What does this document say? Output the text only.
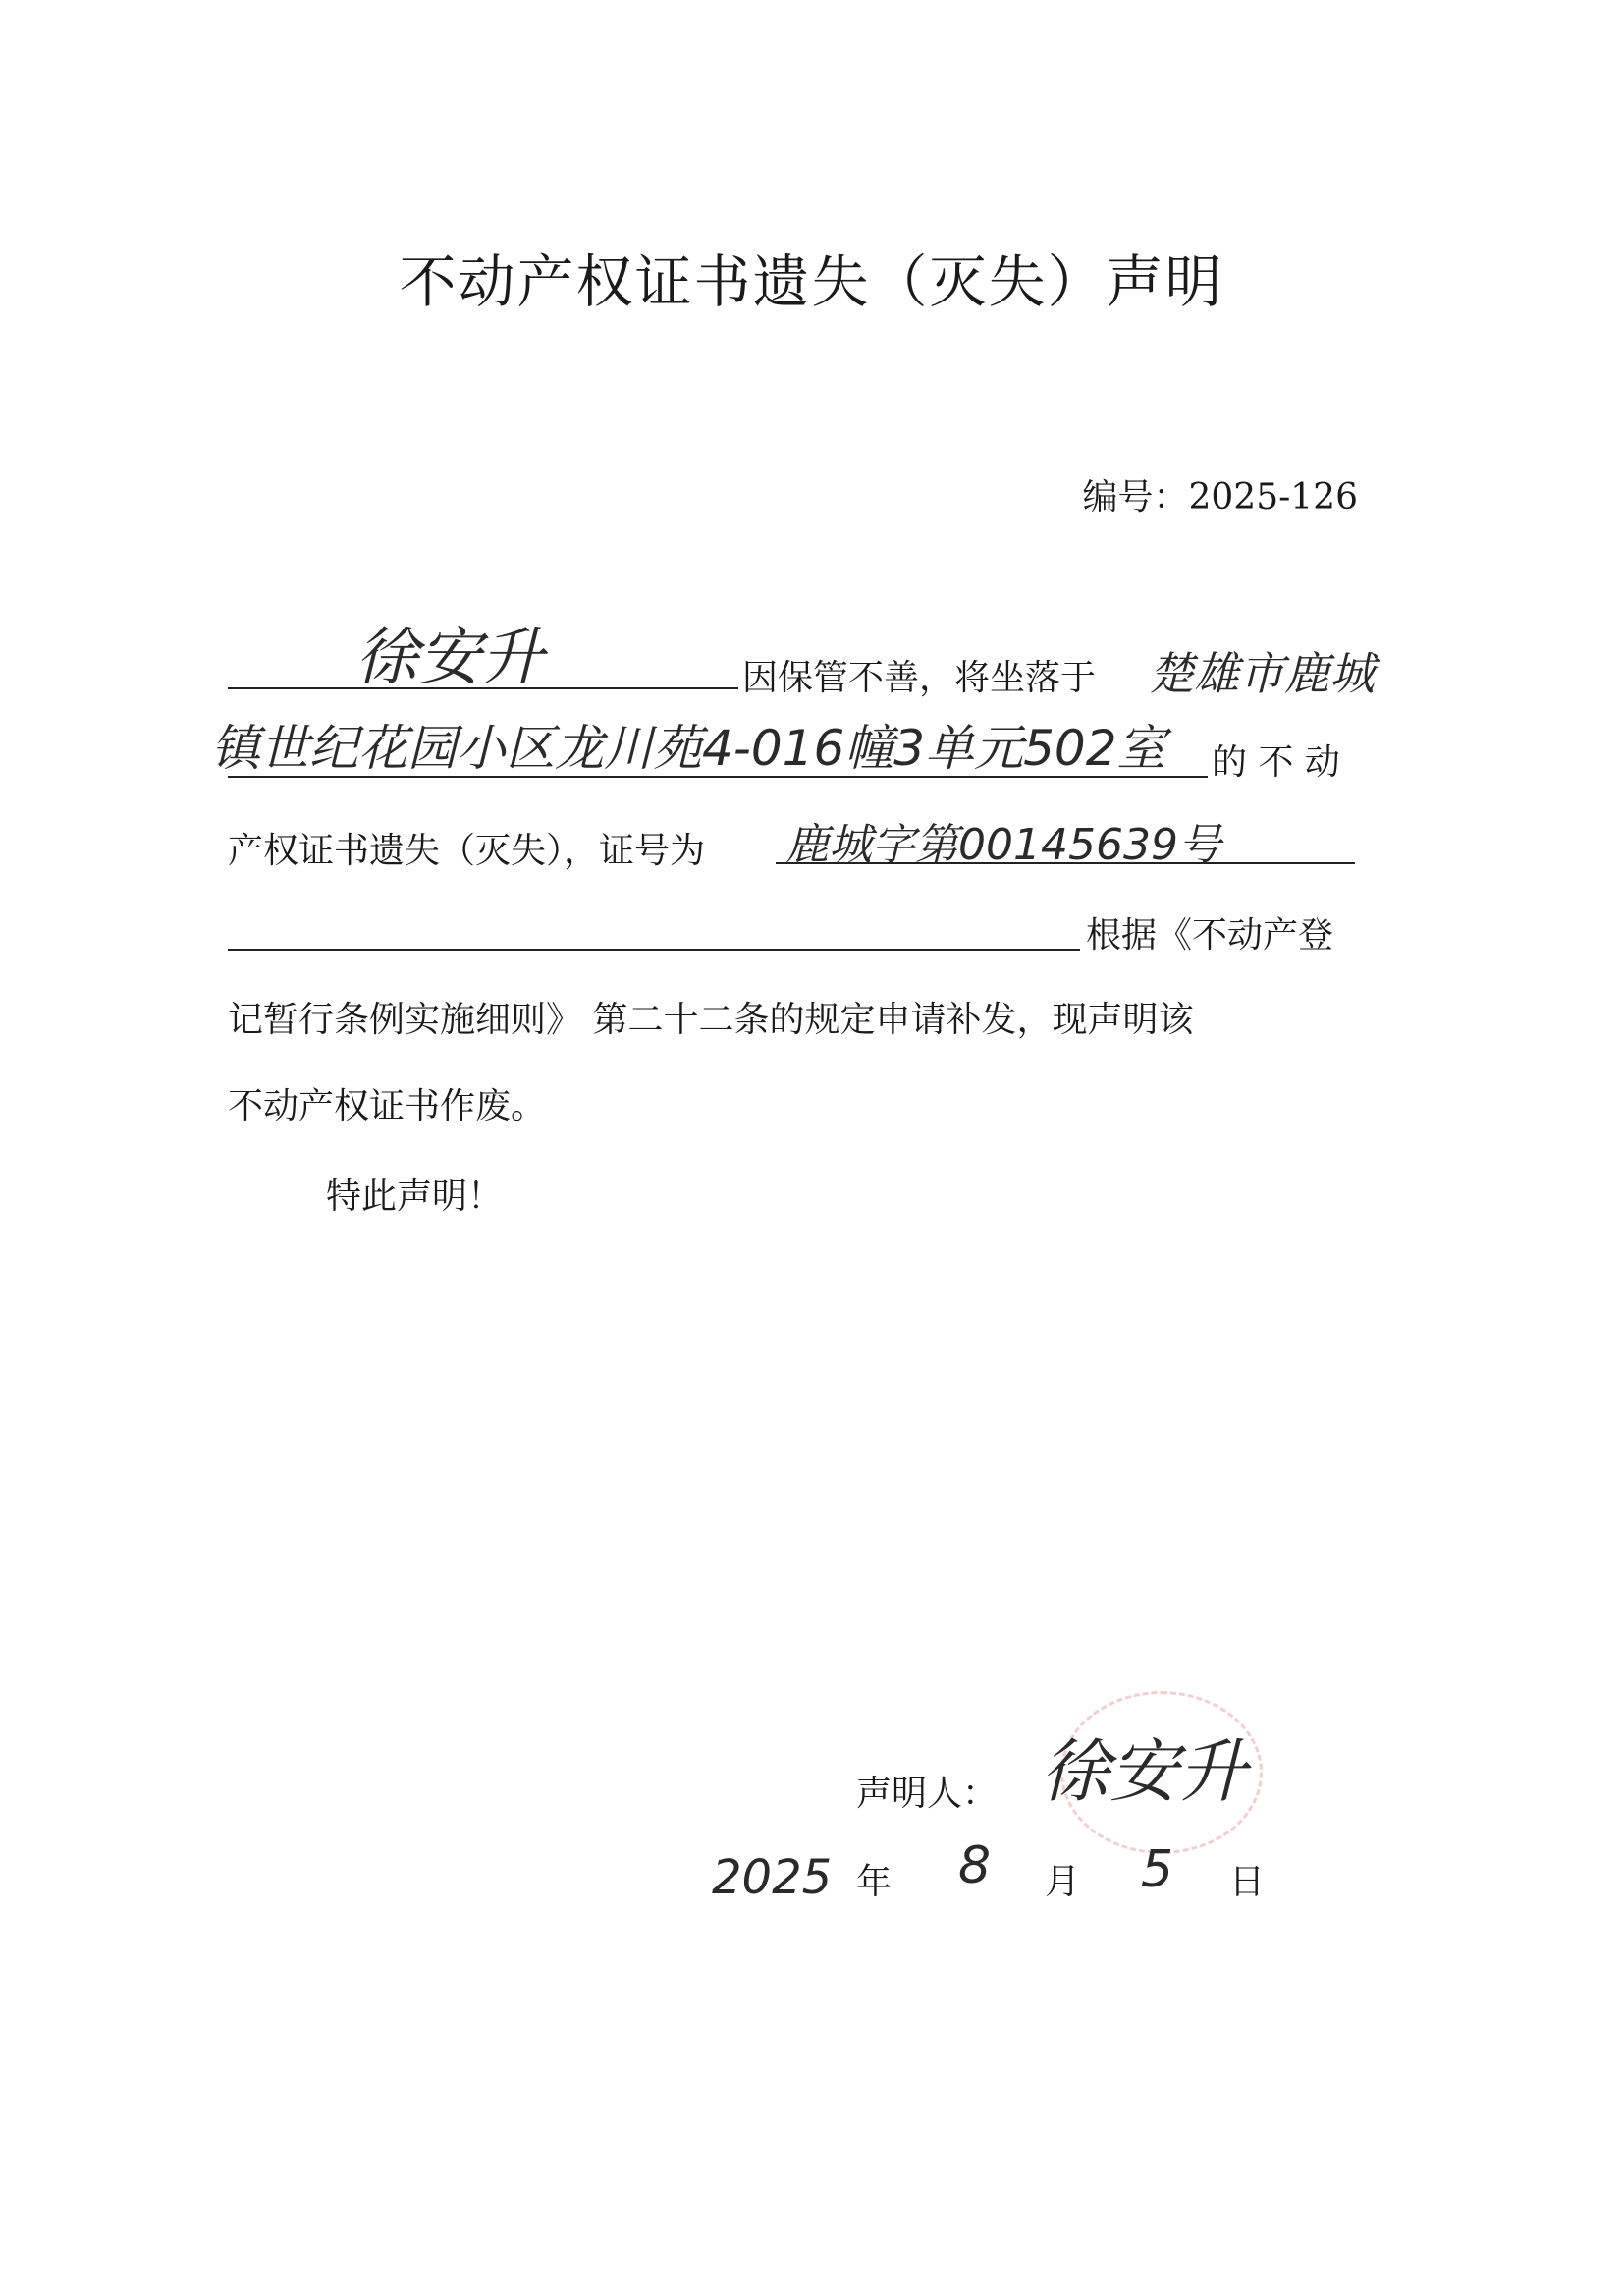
不动产权证书遗失（灭失）声明
编号：2025-126
徐安升	因保管不善，将坐落于 楚雄市鹿城
镇世纪花园小区龙川苑4-016幢3单元502室 的 不 动
产权证书遗失（灭失），证号为 鹿城字第00145639号
根据《不动产登
记暂行条例实施细则》 第二十二条的规定申请补发，现声明该
不动产权证书作废。
特此声明！
声明人： 徐安升
2025 年 8 月 5 日
